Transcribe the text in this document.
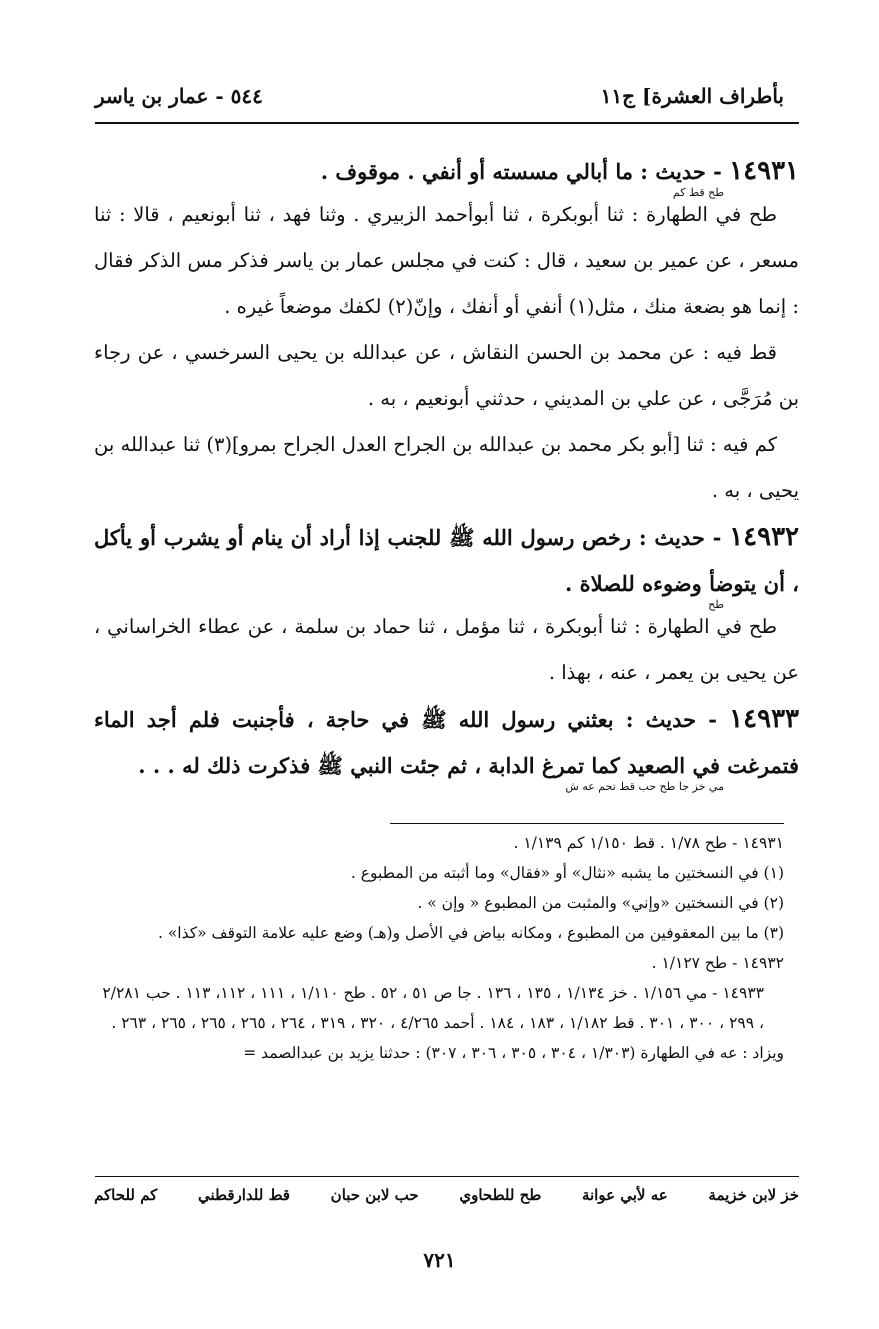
بأطراف العشرة] ج١١
٥٤٤ - عمار بن ياسر
١٤٩٣١ - حديث : ما أبالي مسسته أو أنفي . موقوف .
طح قط كم
طح في الطهارة : ثنا أبوبكرة ، ثنا أبوأحمد الزبيري . وثنا فهد ، ثنا أبونعيم ، قالا : ثنا مسعر ، عن عمير بن سعيد ، قال : كنت في مجلس عمار بن ياسر فذكر مس الذكر فقال : إنما هو بضعة منك ، مثل(١) أنفي أو أنفك ، وإنّ(٢) لكفك موضعاً غيره .
قط فيه : عن محمد بن الحسن النقاش ، عن عبدالله بن يحيى السرخسي ، عن رجاء بن مُرَجَّى ، عن علي بن المديني ، حدثني أبونعيم ، به .
كم فيه : ثنا [أبو بكر محمد بن عبدالله بن الجراح العدل الجراح بمرو](٣) ثنا عبدالله بن يحيى ، به .
١٤٩٣٢ - حديث : رخص رسول الله ﷺ للجنب إذا أراد أن ينام أو يشرب أو يأكل ، أن يتوضأ وضوءه للصلاة .
طح
طح في الطهارة : ثنا أبوبكرة ، ثنا مؤمل ، ثنا حماد بن سلمة ، عن عطاء الخراساني ، عن يحيى بن يعمر ، عنه ، بهذا .
١٤٩٣٣ - حديث : بعثني رسول الله ﷺ في حاجة ، فأجنبت فلم أجد الماء فتمرغت في الصعيد كما تمرغ الدابة ، ثم جئت النبي ﷺ فذكرت ذلك له . . .
مي خز جا طح حب قط تحم عه ش
١٤٩٣١ - طح ١/٧٨ . قط ١/١٥٠ كم ١/١٣٩ .
(١) في النسختين ما يشبه «نثال» أو «فقال» وما أثبته من المطبوع .
(٢) في النسختين «وإني» والمثبت من المطبوع « وإن » .
(٣) ما بين المعقوفين من المطبوع ، ومكانه بياض في الأصل و(هـ) وضع عليه علامة التوقف «كذا» .
١٤٩٣٢ - طح ١/١٢٧ .
١٤٩٣٣ - مي ١/١٥٦ . خز ١/١٣٤ ، ١٣٥ ، ١٣٦ . جا ص ٥١ ، ٥٢ . طح ١/١١٠ ، ١١١ ، ١١٢، ١١٣ . حب ٢/٢٨١ ، ٢٩٩ ، ٣٠٠ ، ٣٠١ . قط ١/١٨٢ ، ١٨٣ ، ١٨٤ . أحمد ٤/٢٦٥ ، ٣٢٠ ، ٣١٩ ، ٢٦٤ ، ٢٦٥ ، ٢٦٥ ، ٢٦٥ ، ٢٦٣ .
ويزاد : عه في الطهارة (١/٣٠٣ ، ٣٠٤ ، ٣٠٥ ، ٣٠٦ ، ٣٠٧) : حدثنا يزيد بن عبدالصمد =
خز لابن خزيمة
عه لأبي عوانة
طح للطحاوي
حب لابن حبان
قط للدارقطني
كم للحاكم
٧٢١
